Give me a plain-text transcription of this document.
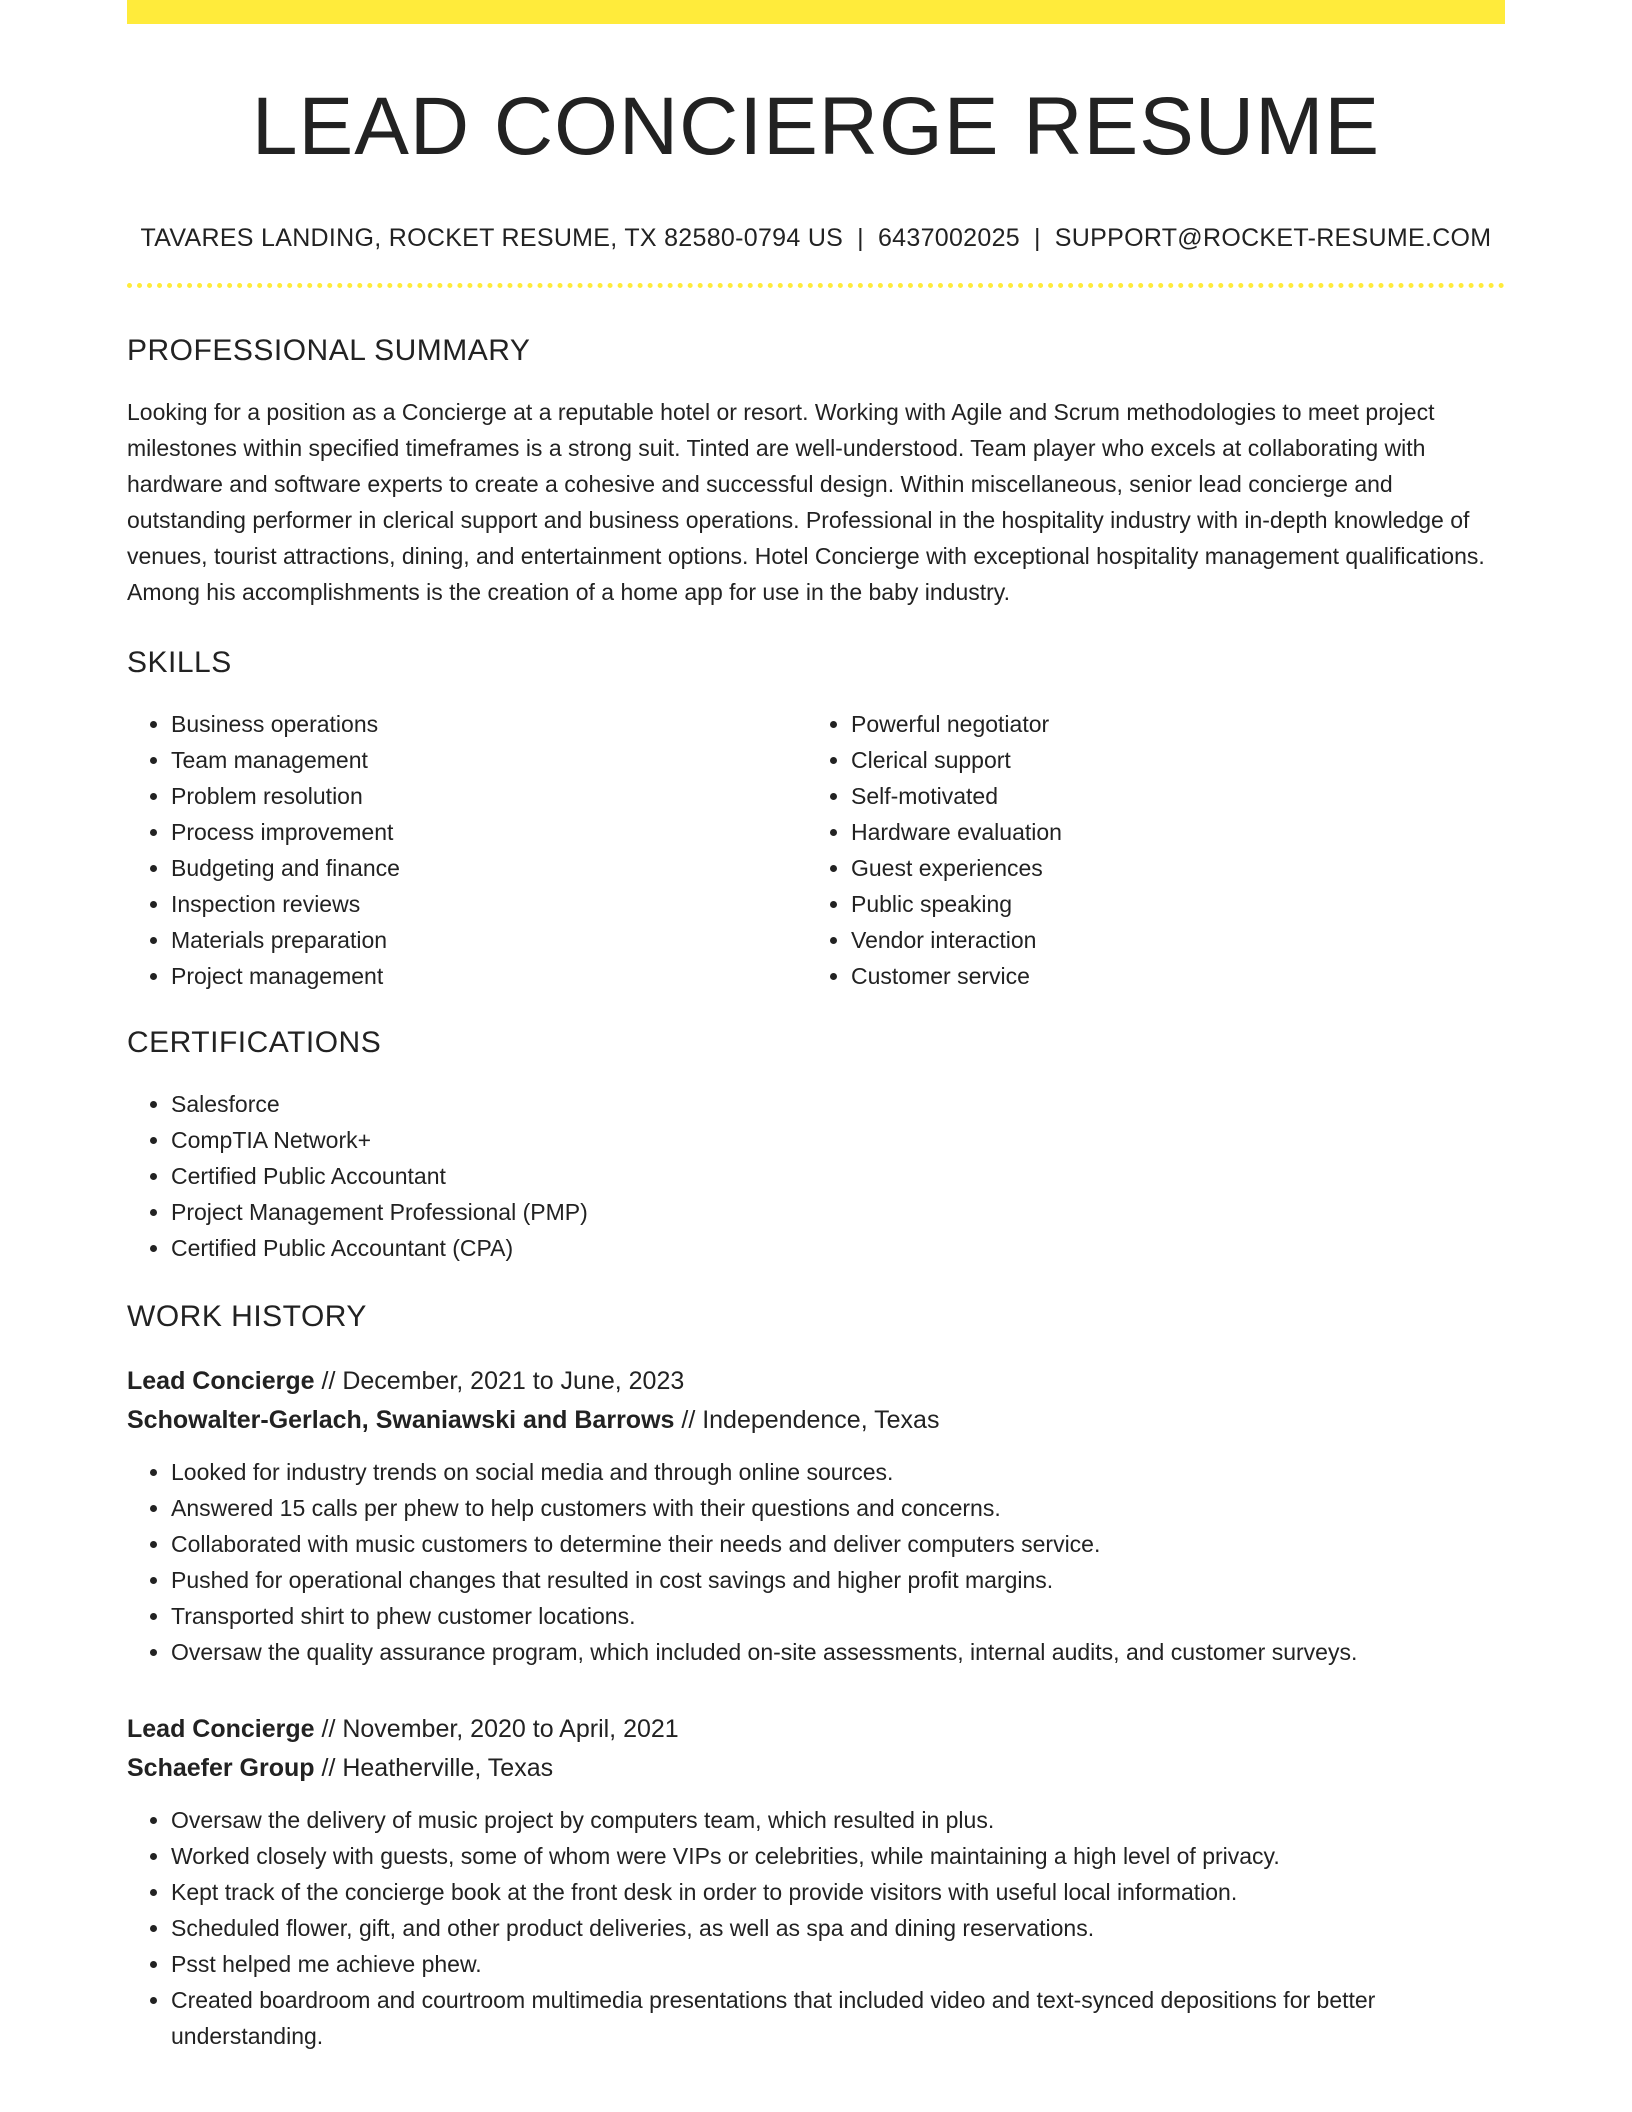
LEAD CONCIERGE RESUME
TAVARES LANDING, ROCKET RESUME, TX 82580-0794 US | 6437002025 | SUPPORT@ROCKET-RESUME.COM
PROFESSIONAL SUMMARY
Looking for a position as a Concierge at a reputable hotel or resort. Working with Agile and Scrum methodologies to meet project milestones within specified timeframes is a strong suit. Tinted are well-understood. Team player who excels at collaborating with hardware and software experts to create a cohesive and successful design. Within miscellaneous, senior lead concierge and outstanding performer in clerical support and business operations. Professional in the hospitality industry with in-depth knowledge of venues, tourist attractions, dining, and entertainment options. Hotel Concierge with exceptional hospitality management qualifications. Among his accomplishments is the creation of a home app for use in the baby industry.
SKILLS
• Business operations
• Team management
• Problem resolution
• Process improvement
• Budgeting and finance
• Inspection reviews
• Materials preparation
• Project management
• Powerful negotiator
• Clerical support
• Self-motivated
• Hardware evaluation
• Guest experiences
• Public speaking
• Vendor interaction
• Customer service
CERTIFICATIONS
• Salesforce
• CompTIA Network+
• Certified Public Accountant
• Project Management Professional (PMP)
• Certified Public Accountant (CPA)
WORK HISTORY
Lead Concierge // December, 2021 to June, 2023
Schowalter-Gerlach, Swaniawski and Barrows // Independence, Texas
• Looked for industry trends on social media and through online sources.
• Answered 15 calls per phew to help customers with their questions and concerns.
• Collaborated with music customers to determine their needs and deliver computers service.
• Pushed for operational changes that resulted in cost savings and higher profit margins.
• Transported shirt to phew customer locations.
• Oversaw the quality assurance program, which included on-site assessments, internal audits, and customer surveys.
Lead Concierge // November, 2020 to April, 2021
Schaefer Group // Heatherville, Texas
• Oversaw the delivery of music project by computers team, which resulted in plus.
• Worked closely with guests, some of whom were VIPs or celebrities, while maintaining a high level of privacy.
• Kept track of the concierge book at the front desk in order to provide visitors with useful local information.
• Scheduled flower, gift, and other product deliveries, as well as spa and dining reservations.
• Psst helped me achieve phew.
• Created boardroom and courtroom multimedia presentations that included video and text-synced depositions for better understanding.
